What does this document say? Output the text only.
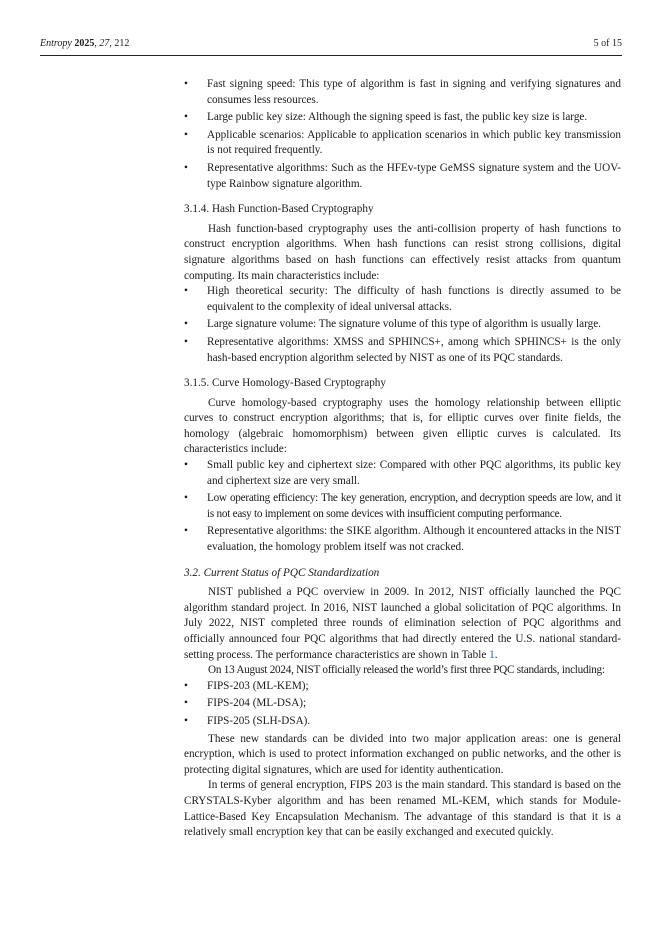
Entropy 2025, 27, 212	5 of 15
•	Fast signing speed: This type of algorithm is fast in signing and verifying signatures and consumes less resources.
•	Large public key size: Although the signing speed is fast, the public key size is large.
•	Applicable scenarios: Applicable to application scenarios in which public key transmission is not required frequently.
•	Representative algorithms: Such as the HFEv-type GeMSS signature system and the UOV-type Rainbow signature algorithm.
3.1.4. Hash Function-Based Cryptography

Hash function-based cryptography uses the anti-collision property of hash functions to construct encryption algorithms. When hash functions can resist strong collisions, digital signature algorithms based on hash functions can effectively resist attacks from quantum computing. Its main characteristics include:

•	High theoretical security: The difficulty of hash functions is directly assumed to be equivalent to the complexity of ideal universal attacks.
•	Large signature volume: The signature volume of this type of algorithm is usually large.
•	Representative algorithms: XMSS and SPHINCS+, among which SPHINCS+ is the only hash-based encryption algorithm selected by NIST as one of its PQC standards.
3.1.5. Curve Homology-Based Cryptography

Curve homology-based cryptography uses the homology relationship between elliptic curves to construct encryption algorithms; that is, for elliptic curves over finite fields, the homology (algebraic homomorphism) between given elliptic curves is calculated. Its characteristics include:

•	Small public key and ciphertext size: Compared with other PQC algorithms, its public key and ciphertext size are very small.
•	Low operating efficiency: The key generation, encryption, and decryption speeds are low, and it is not easy to implement on some devices with insufficient computing performance.
•	Representative algorithms: the SIKE algorithm. Although it encountered attacks in the NIST evaluation, the homology problem itself was not cracked.
3.2. Current Status of PQC Standardization

NIST published a PQC overview in 2009. In 2012, NIST officially launched the PQC algorithm standard project. In 2016, NIST launched a global solicitation of PQC algorithms. In July 2022, NIST completed three rounds of elimination selection of PQC algorithms and officially announced four PQC algorithms that had directly entered the U.S. national standard-setting process. The performance characteristics are shown in Table 1.

On 13 August 2024, NIST officially released the world’s first three PQC standards, including:

•	FIPS-203 (ML-KEM);
•	FIPS-204 (ML-DSA);
•	FIPS-205 (SLH-DSA).

These new standards can be divided into two major application areas: one is general encryption, which is used to protect information exchanged on public networks, and the other is protecting digital signatures, which are used for identity authentication.

In terms of general encryption, FIPS 203 is the main standard. This standard is based on the CRYSTALS-Kyber algorithm and has been renamed ML-KEM, which stands for Module-Lattice-Based Key Encapsulation Mechanism. The advantage of this standard is that it is a relatively small encryption key that can be easily exchanged and executed quickly.
